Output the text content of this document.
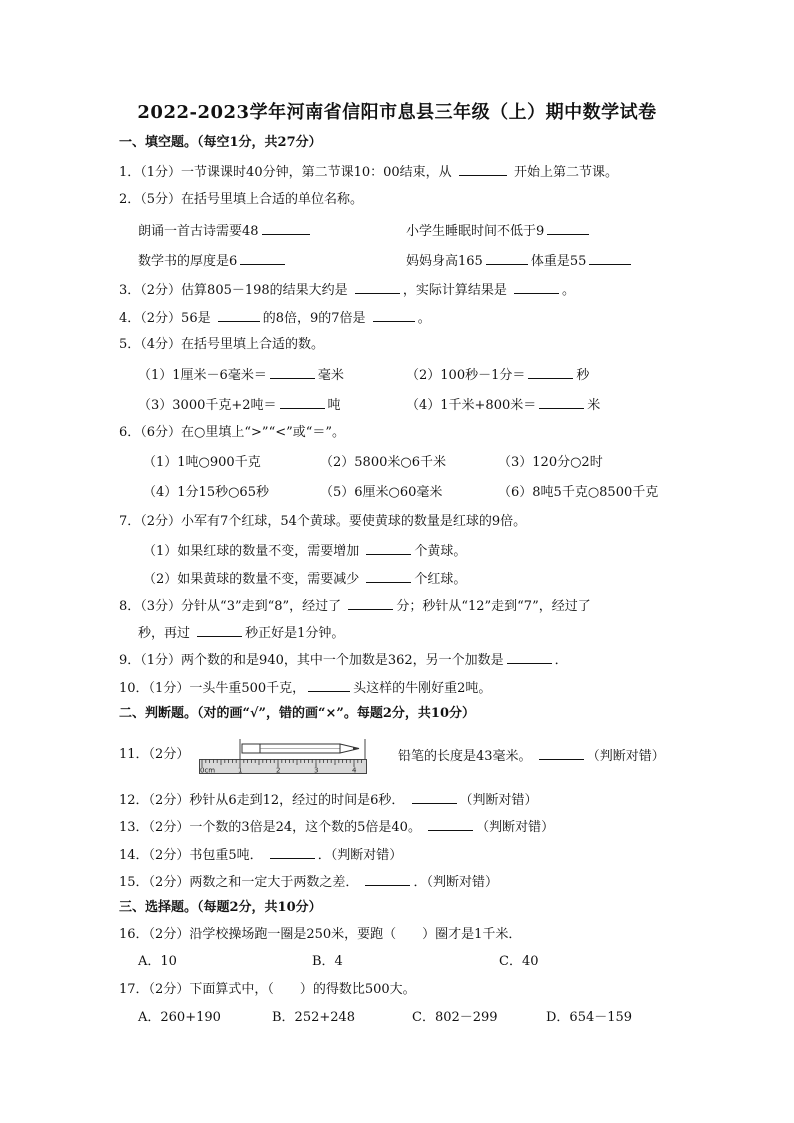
2022-2023学年河南省信阳市息县三年级（上）期中数学试卷
一、填空题。（每空1分，共27分）
1．（1分）一节课课时40分钟，第二节课10：00结束，从	开始上第二节课。
2．（5分）在括号里填上合适的单位名称。
朗诵一首古诗需要48	小学生睡眠时间不低于9
数学书的厚度是6	妈妈身高165	体重是55
3．（2分）估算805－198的结果大约是	，实际计算结果是	。
4．（2分）56是	的8倍，9的7倍是	。
5．（4分）在括号里填上合适的数。
（1）1厘米－6毫米＝	毫米	（2）100秒－1分＝	秒
（3）3000千克+2吨＝	吨	（4）1千米+800米＝	米
6．（6分）在○里填上“>”“<”或“＝”。
（1）1吨○900千克	（2）5800米○6千米	（3）120分○2时
（4）1分15秒○65秒	（5）6厘米○60毫米	（6）8吨5千克○8500千克
7．（2分）小军有7个红球，54个黄球。要使黄球的数量是红球的9倍。
（1）如果红球的数量不变，需要增加	个黄球。
（2）如果黄球的数量不变，需要减少	个红球。
8．（3分）分针从“3”走到“8”，经过了	分；秒针从“12”走到“7”，经过了
秒，再过	秒正好是1分钟。
9．（1分）两个数的和是940，其中一个加数是362，另一个加数是	．
10．（1分）一头牛重500千克，	头这样的牛刚好重2吨。
二、判断题。（对的画“√”，错的画“×”。每题2分，共10分）
11．（2分）
0cm	1	2	3	4
铅笔的长度是43毫米。	（判断对错）
12．（2分）秒针从6走到12，经过的时间是6秒．	（判断对错）
13．（2分）一个数的3倍是24，这个数的5倍是40。	（判断对错）
14．（2分）书包重5吨．	．（判断对错）
15．（2分）两数之和一定大于两数之差．	．（判断对错）
三、选择题。（每题2分，共10分）
16．（2分）沿学校操场跑一圈是250米，要跑（　　）圈才是1千米．
A．10	B．4	C．40
17．（2分）下面算式中，（　　）的得数比500大。
A．260+190	B．252+248	C．802－299	D．654－159
